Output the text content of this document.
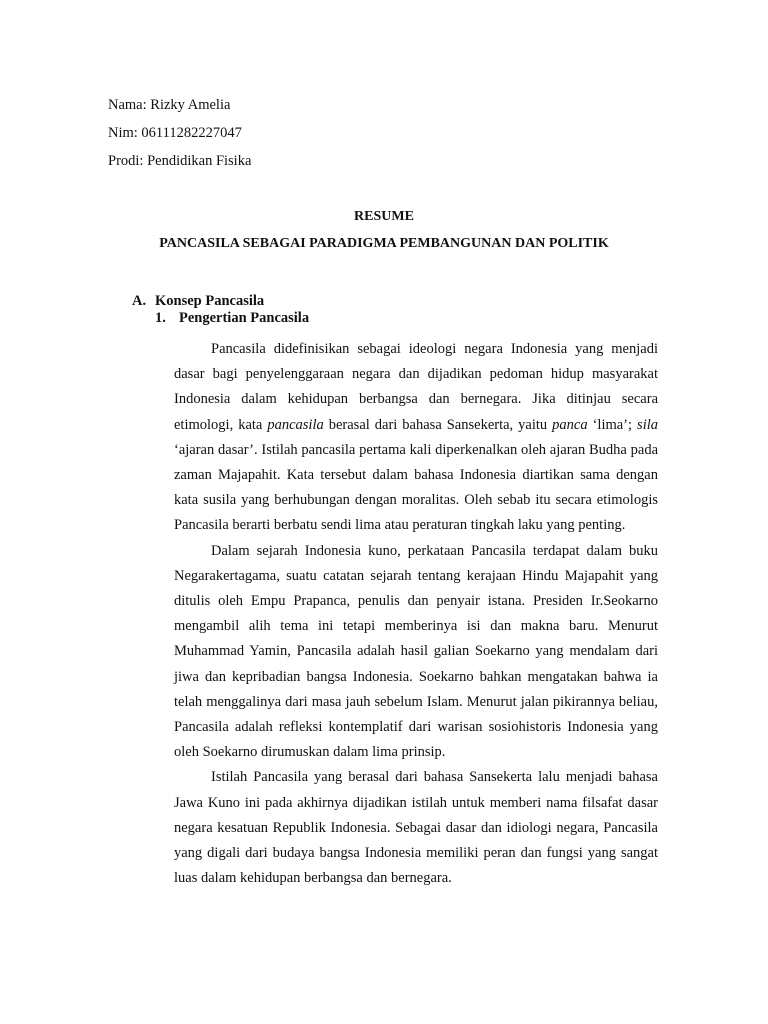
Nama: Rizky Amelia
Nim: 06111282227047
Prodi: Pendidikan Fisika
RESUME
PANCASILA SEBAGAI PARADIGMA PEMBANGUNAN DAN POLITIK
A. Konsep Pancasila
1. Pengertian Pancasila

Pancasila didefinisikan sebagai ideologi negara Indonesia yang menjadi dasar bagi penyelenggaraan negara dan dijadikan pedoman hidup masyarakat Indonesia dalam kehidupan berbangsa dan bernegara. Jika ditinjau secara etimologi, kata pancasila berasal dari bahasa Sansekerta, yaitu panca ‘lima’; sila ‘ajaran dasar’. Istilah pancasila pertama kali diperkenalkan oleh ajaran Budha pada zaman Majapahit. Kata tersebut dalam bahasa Indonesia diartikan sama dengan kata susila yang berhubungan dengan moralitas. Oleh sebab itu secara etimologis Pancasila berarti berbatu sendi lima atau peraturan tingkah laku yang penting.

Dalam sejarah Indonesia kuno, perkataan Pancasila terdapat dalam buku Negarakertagama, suatu catatan sejarah tentang kerajaan Hindu Majapahit yang ditulis oleh Empu Prapanca, penulis dan penyair istana. Presiden Ir.Seokarno mengambil alih tema ini tetapi memberinya isi dan makna baru. Menurut Muhammad Yamin, Pancasila adalah hasil galian Soekarno yang mendalam dari jiwa dan kepribadian bangsa Indonesia. Soekarno bahkan mengatakan bahwa ia telah menggalinya dari masa jauh sebelum Islam. Menurut jalan pikirannya beliau, Pancasila adalah refleksi kontemplatif dari warisan sosiohistoris Indonesia yang oleh Soekarno dirumuskan dalam lima prinsip.

Istilah Pancasila yang berasal dari bahasa Sansekerta lalu menjadi bahasa Jawa Kuno ini pada akhirnya dijadikan istilah untuk memberi nama filsafat dasar negara kesatuan Republik Indonesia. Sebagai dasar dan idiologi negara, Pancasila yang digali dari budaya bangsa Indonesia memiliki peran dan fungsi yang sangat luas dalam kehidupan berbangsa dan bernegara.
